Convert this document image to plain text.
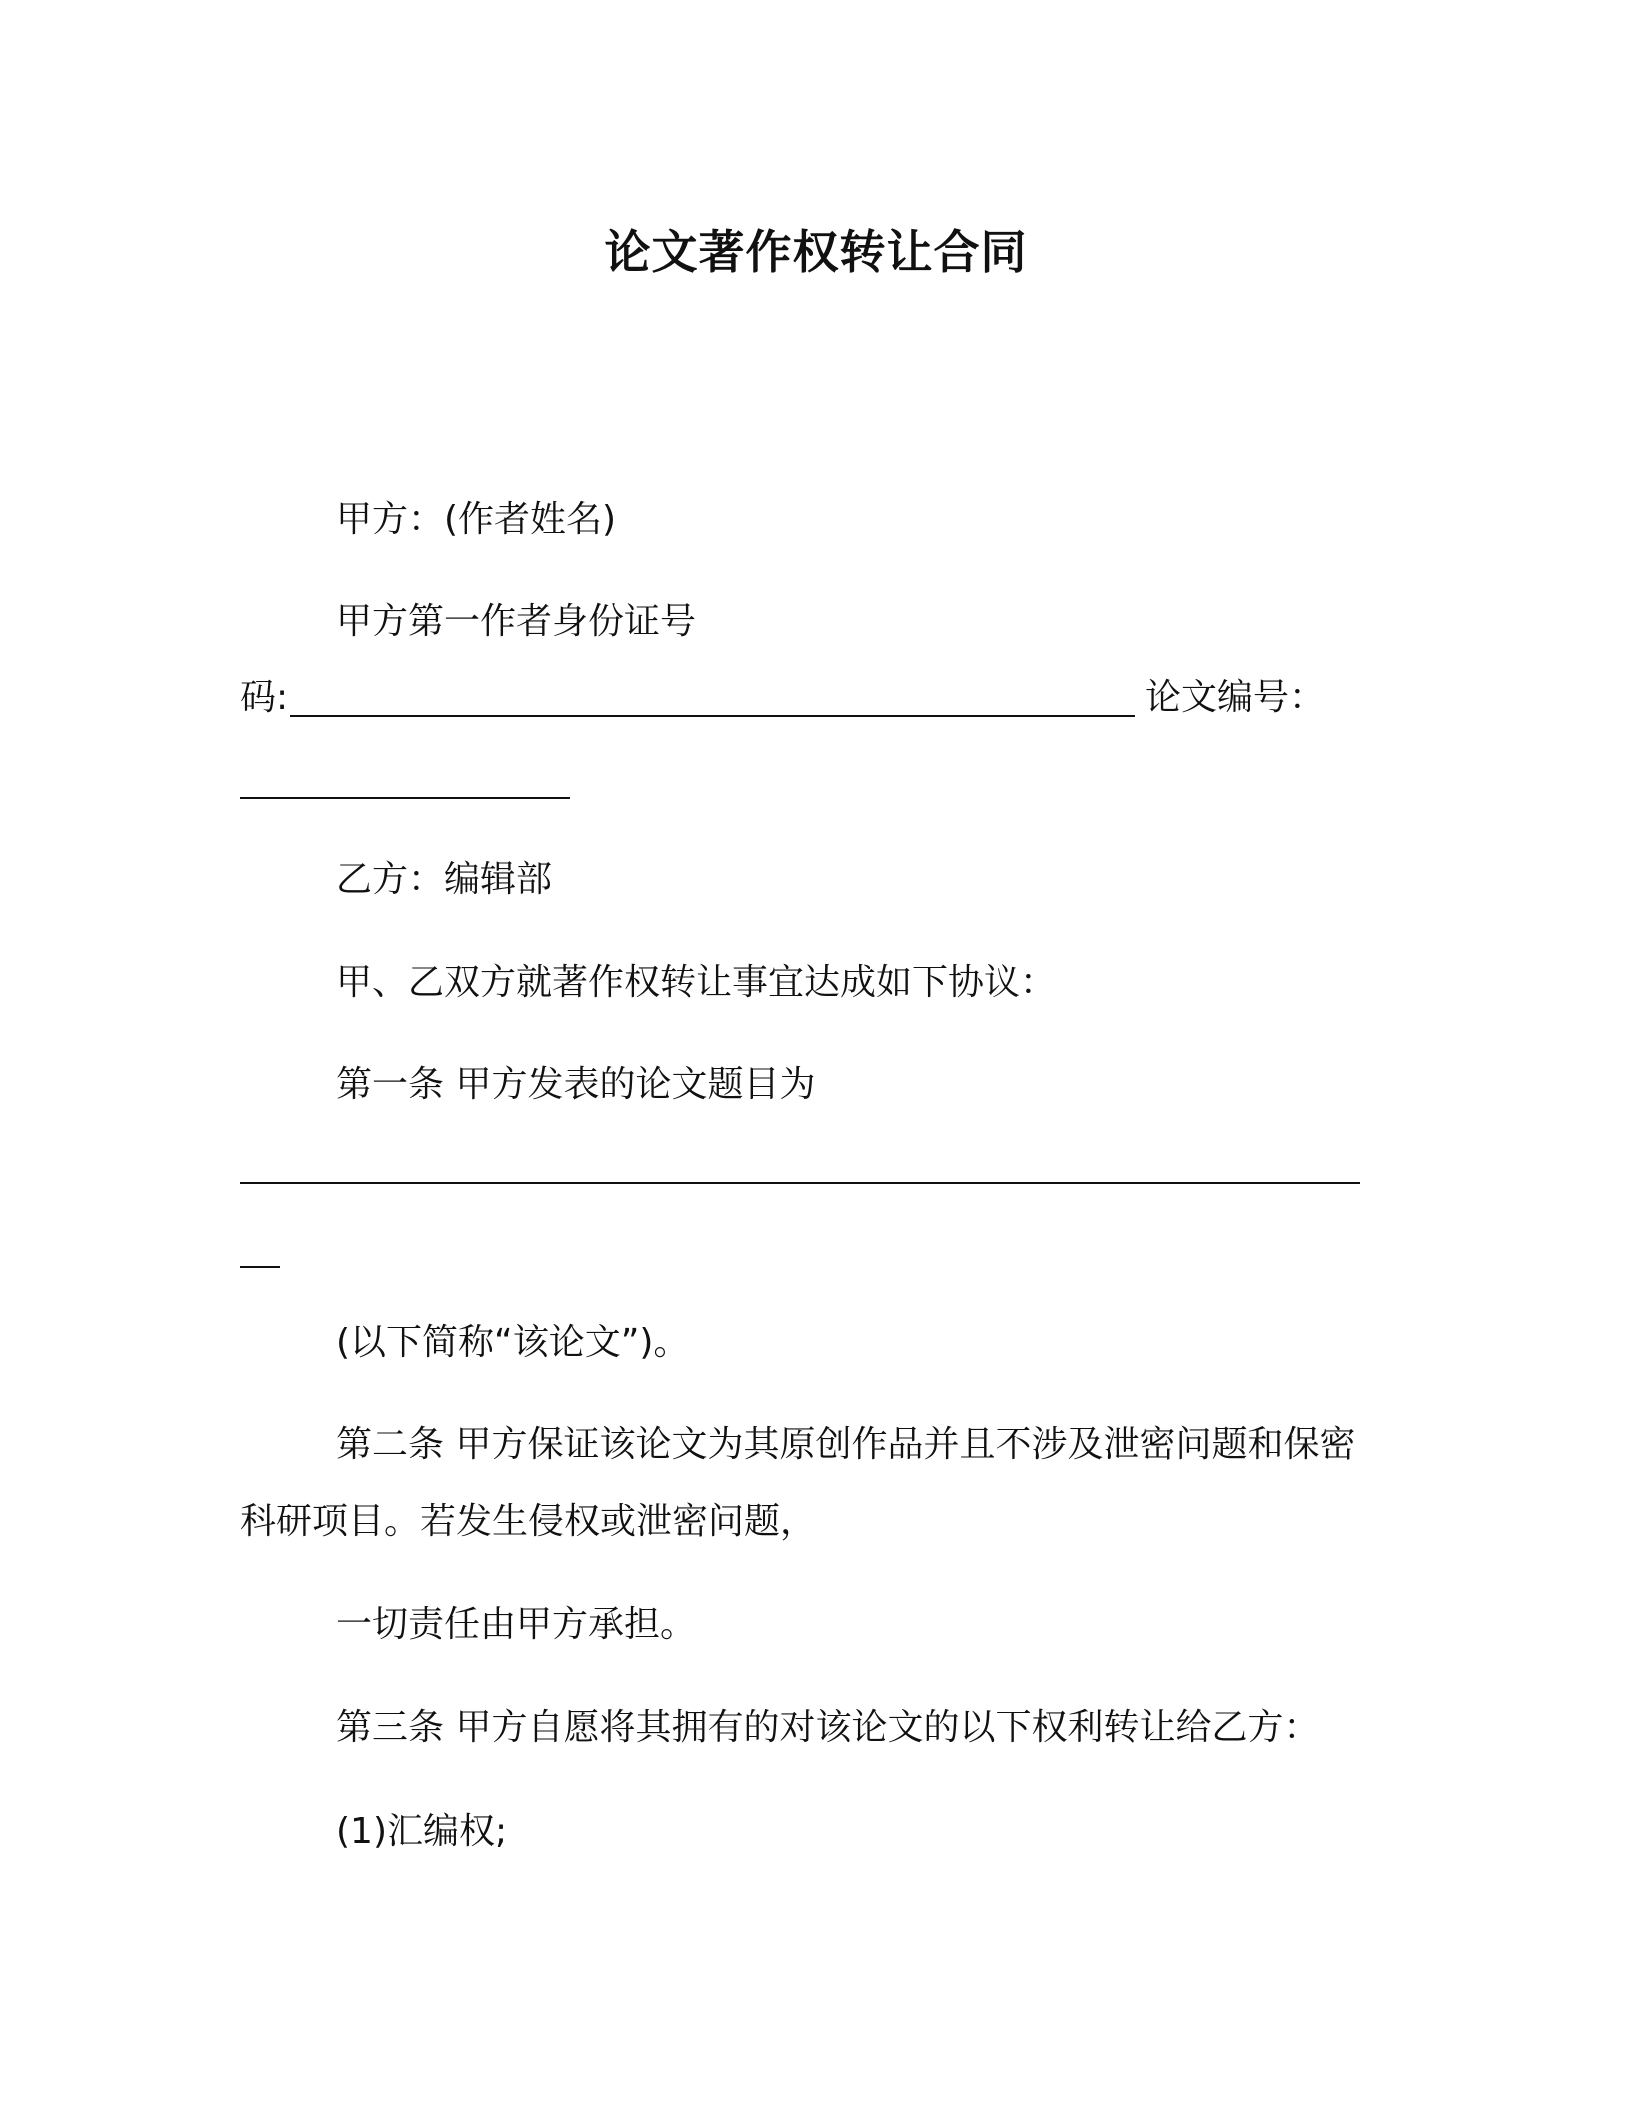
论文著作权转让合同
甲方：(作者姓名)
甲方第一作者身份证号
码:	论文编号：
乙方：编辑部
甲、乙双方就著作权转让事宜达成如下协议：
第一条 甲方发表的论文题目为
(以下简称“该论文”)。
第二条 甲方保证该论文为其原创作品并且不涉及泄密问题和保密
科研项目。若发生侵权或泄密问题，
一切责任由甲方承担。
第三条 甲方自愿将其拥有的对该论文的以下权利转让给乙方：
(1)汇编权;
